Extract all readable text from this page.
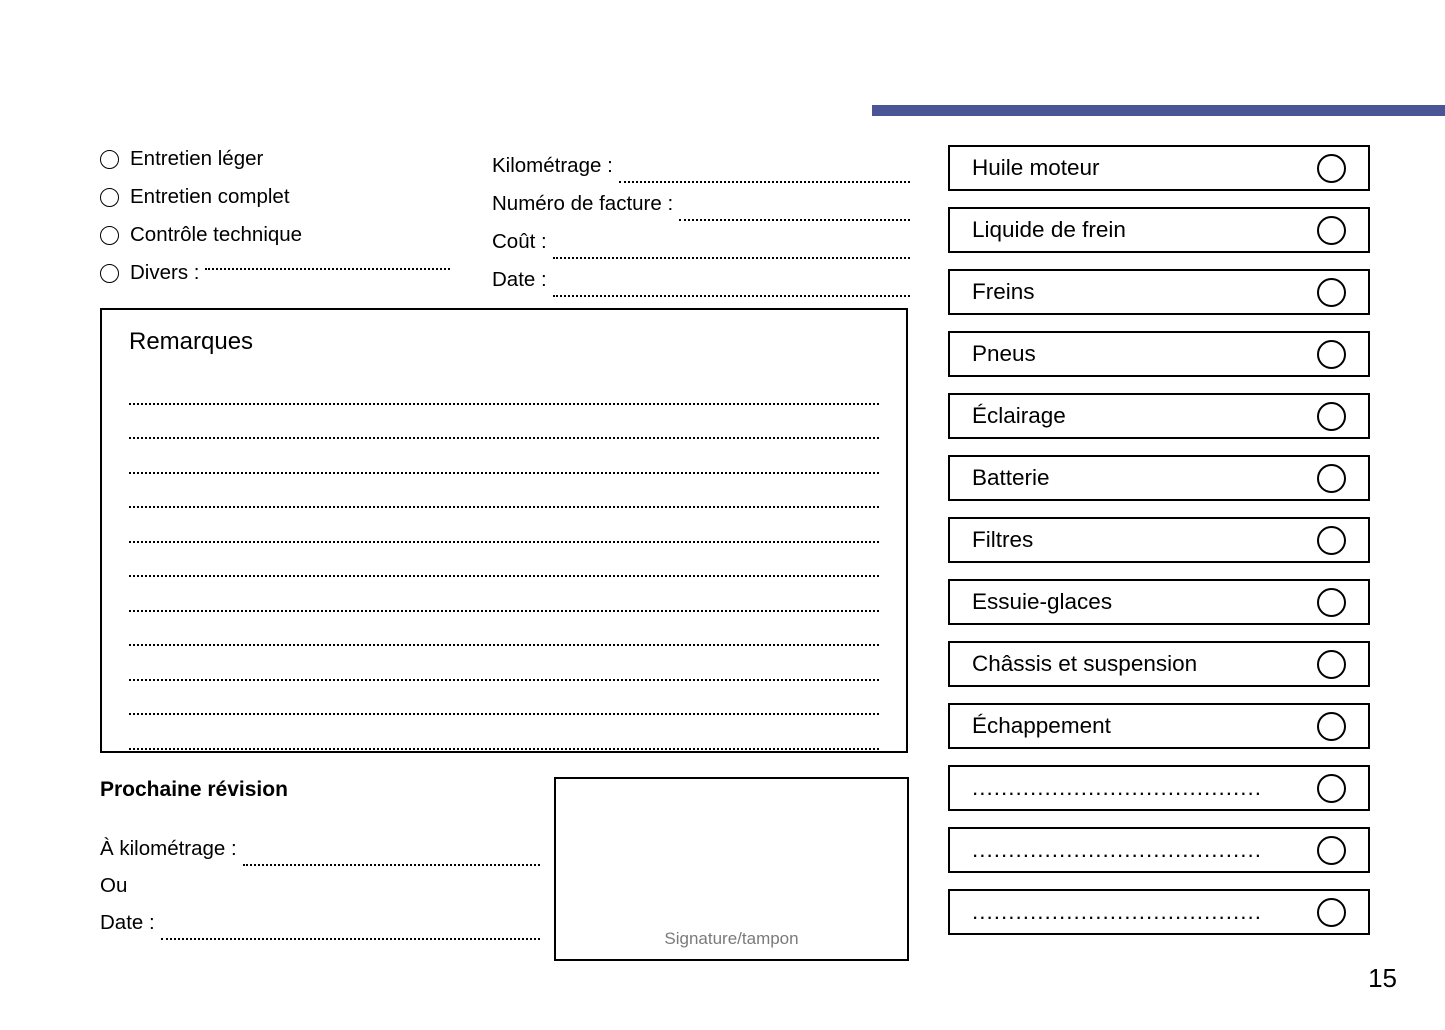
Entretien léger
Entretien complet
Contrôle technique
Divers :
Kilométrage :
Numéro de facture :
Coût :
Date :
Remarques
Prochaine révision
À kilométrage :
Ou
Date :
Signature/tampon
Huile moteur
Liquide de frein
Freins
Pneus
Éclairage
Batterie
Filtres
Essuie-glaces
Châssis et suspension
Échappement
........................................
........................................
........................................
15
